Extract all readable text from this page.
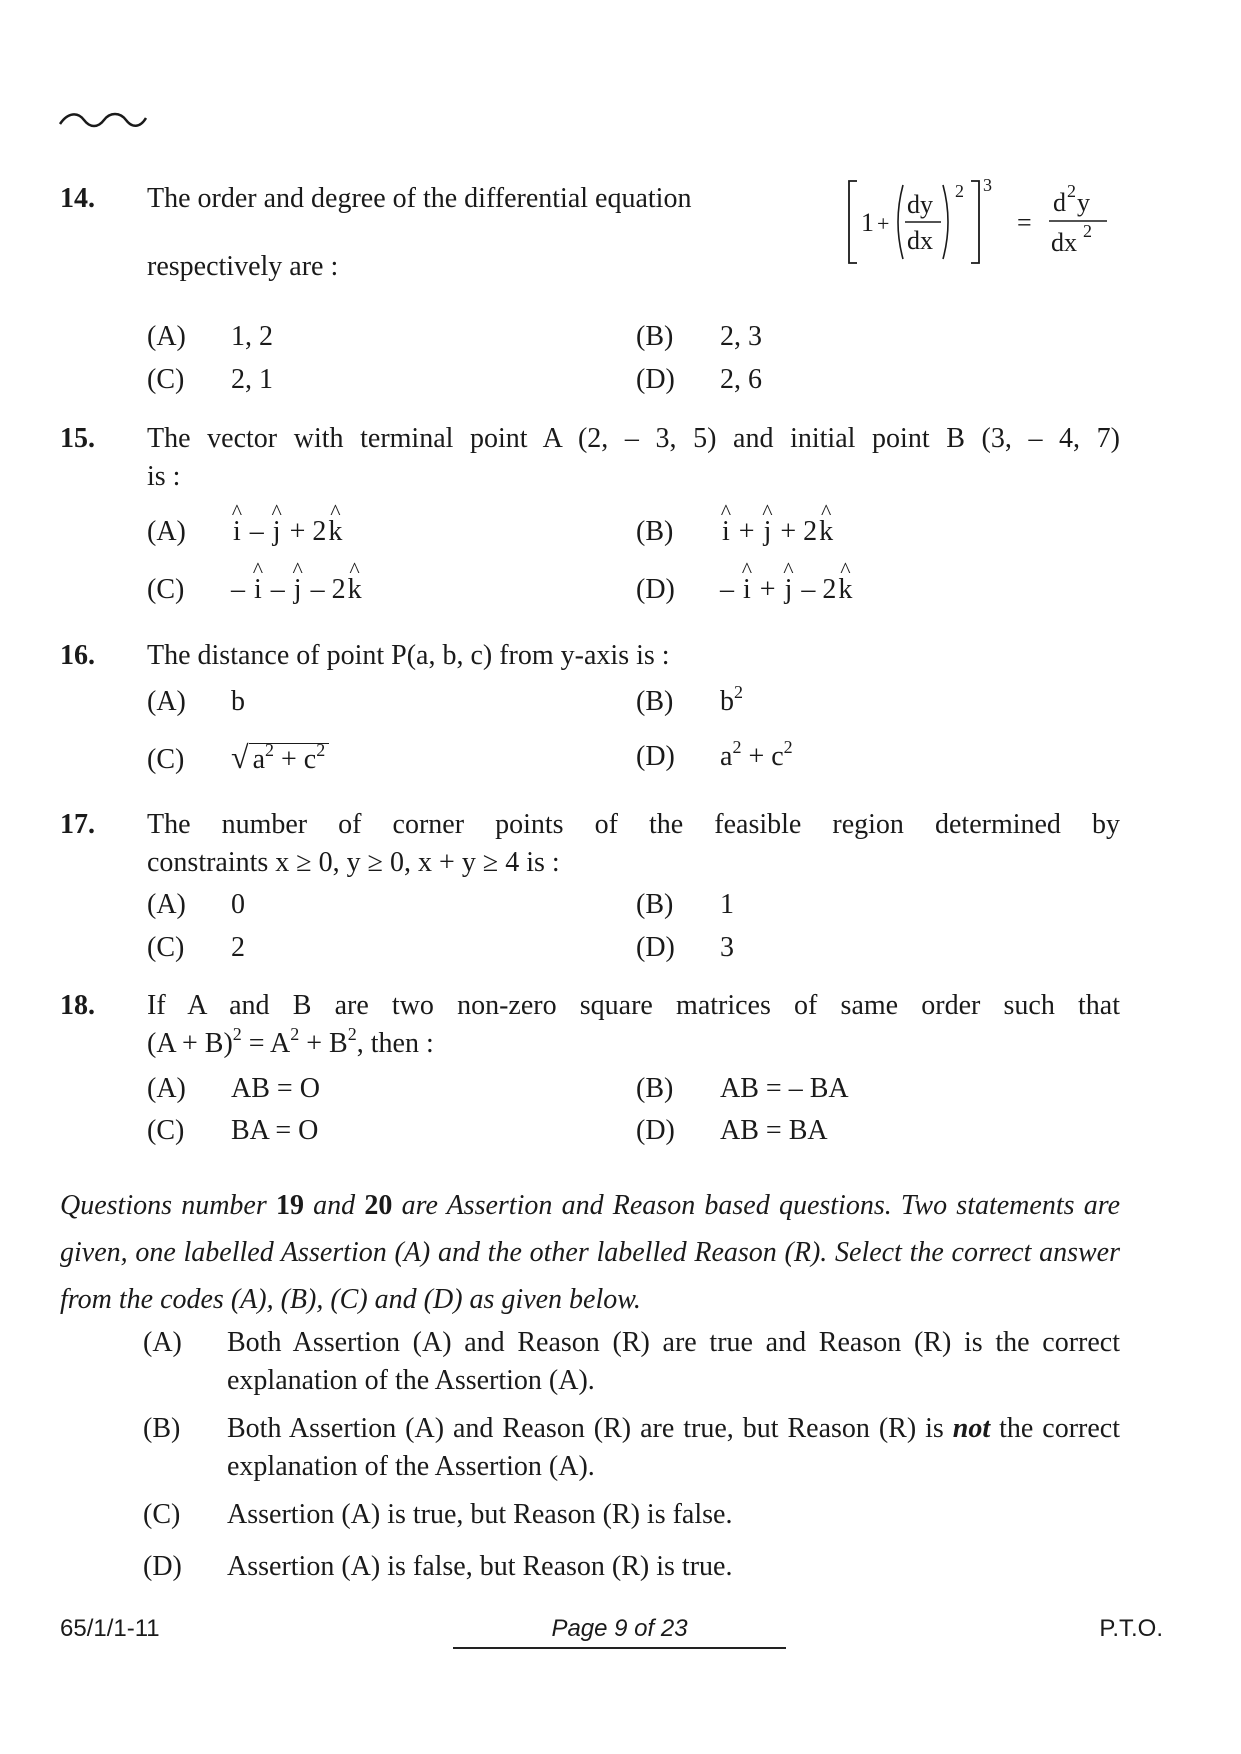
14. The order and degree of the differential equation
respectively are :
1 +
dy
dx
2 3
=
d 2 y
dx 2
(A) 1, 2	(B) 2, 3
(C) 2, 1	(D) 2, 6
15. The vector with terminal point A (2, – 3, 5) and initial point B (3, – 4, 7)
is :
(A) ^ i – ^ j + 2^ k	(B) ^ i + ^ j + 2^ k
(C) – ^ i – ^ j – 2^ k	(D) – ^ i + ^ j – 2^ k
16. The distance of point P(a, b, c) from y-axis is :
(A) b	(B) $b^2$
(C) √ $a^2 + c^2$	(D) $a^2 + c^2$
17. The number of corner points of the feasible region determined by
constraints x ≥ 0, y ≥ 0, x + y ≥ 4 is :
(A) 0	(B) 1
(C) 2	(D) 3
18. If A and B are two non-zero square matrices of same order such that
$(A + B)^2 = A^2 + B^2$, then :
(A) AB = O	(B) AB = – BA
(C) BA = O	(D) AB = BA
Questions number 19 and 20 are Assertion and Reason based questions. Two statements are given, one labelled Assertion (A) and the other labelled Reason (R). Select the correct answer from the codes (A), (B), (C) and (D) as given below.
(A) Both Assertion (A) and Reason (R) are true and Reason (R) is the correct explanation of the Assertion (A).
(B) Both Assertion (A) and Reason (R) are true, but Reason (R) is not the correct explanation of the Assertion (A).
(C) Assertion (A) is true, but Reason (R) is false.
(D) Assertion (A) is false, but Reason (R) is true.
65/1/1-11	Page 9 of 23	P.T.O.
